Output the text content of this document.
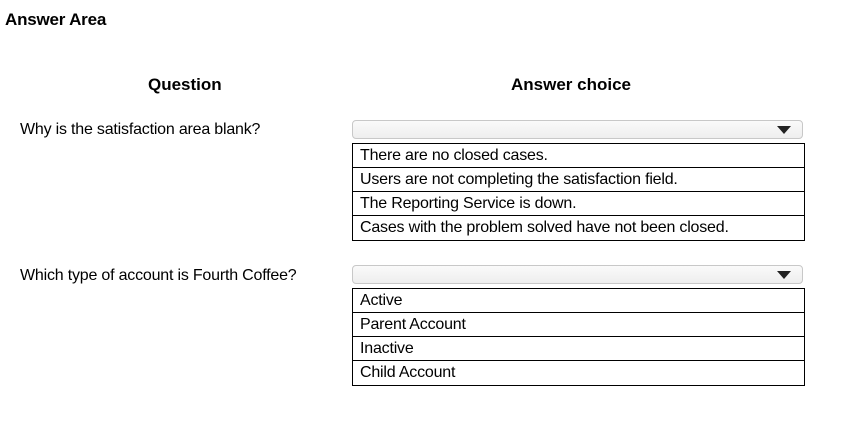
Answer Area
Question	Answer choice
Why is the satisfaction area blank?
There are no closed cases.
Users are not completing the satisfaction field.
The Reporting Service is down.
Cases with the problem solved have not been closed.
Which type of account is Fourth Coffee?
Active
Parent Account
Inactive
Child Account
